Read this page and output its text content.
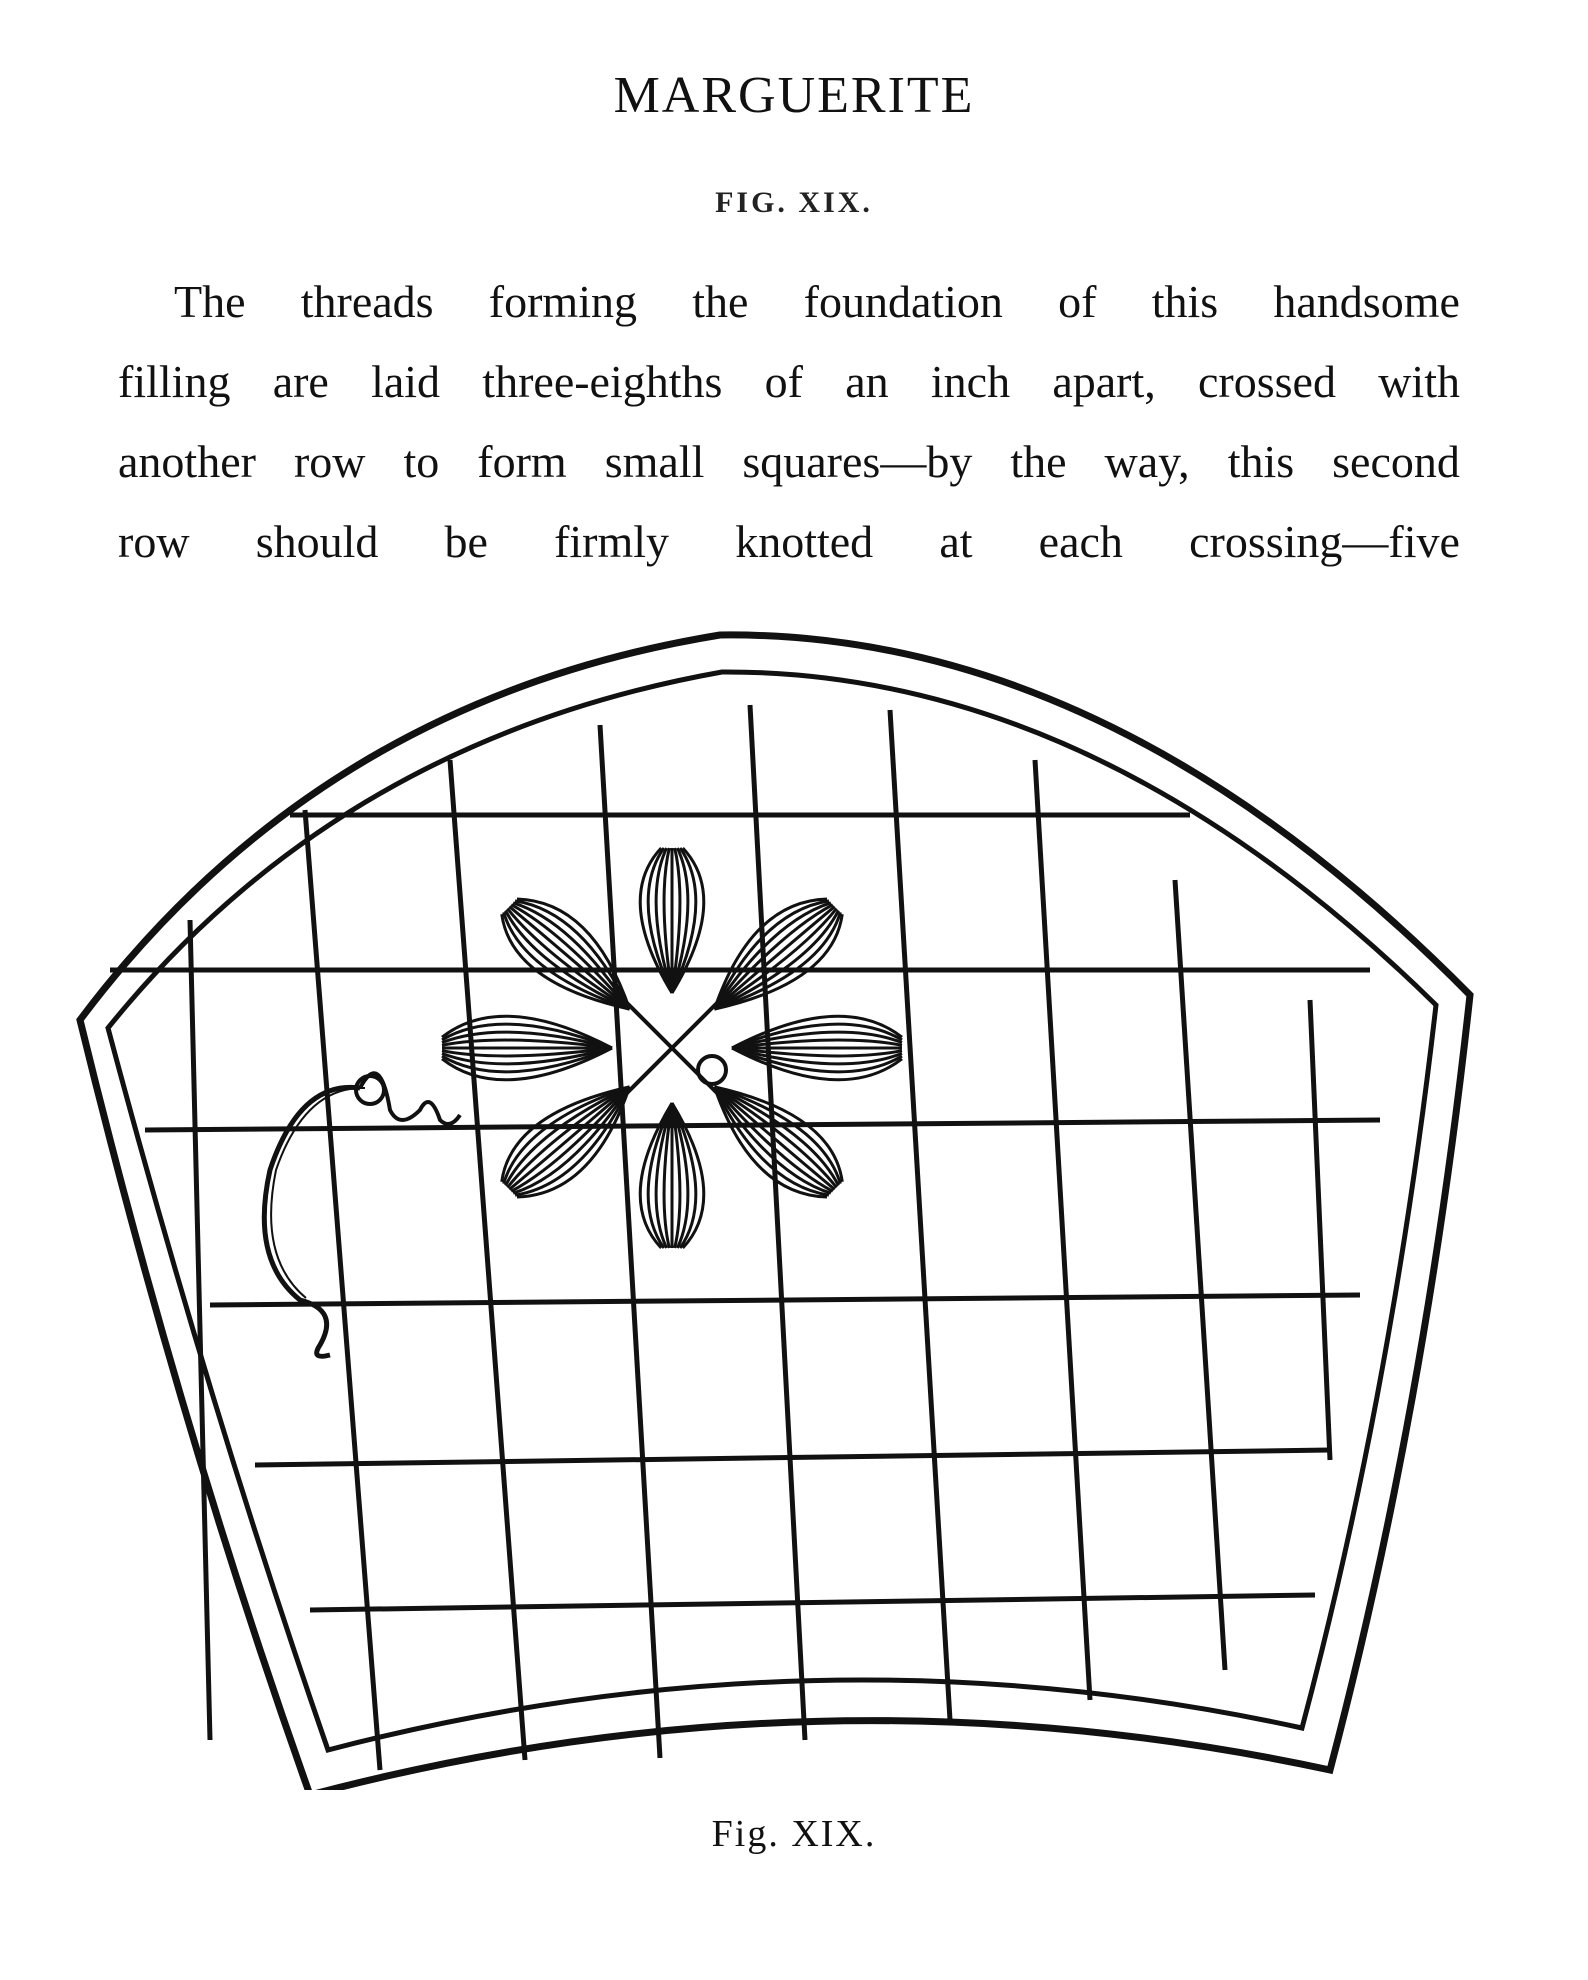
MARGUERITE
FIG. XIX.
The threads forming the foundation of this handsome
filling are laid three-eighths of an inch apart, crossed with
another row to form small squares—by the way, this second
row should be firmly knotted at each crossing—five
Fig. XIX.
